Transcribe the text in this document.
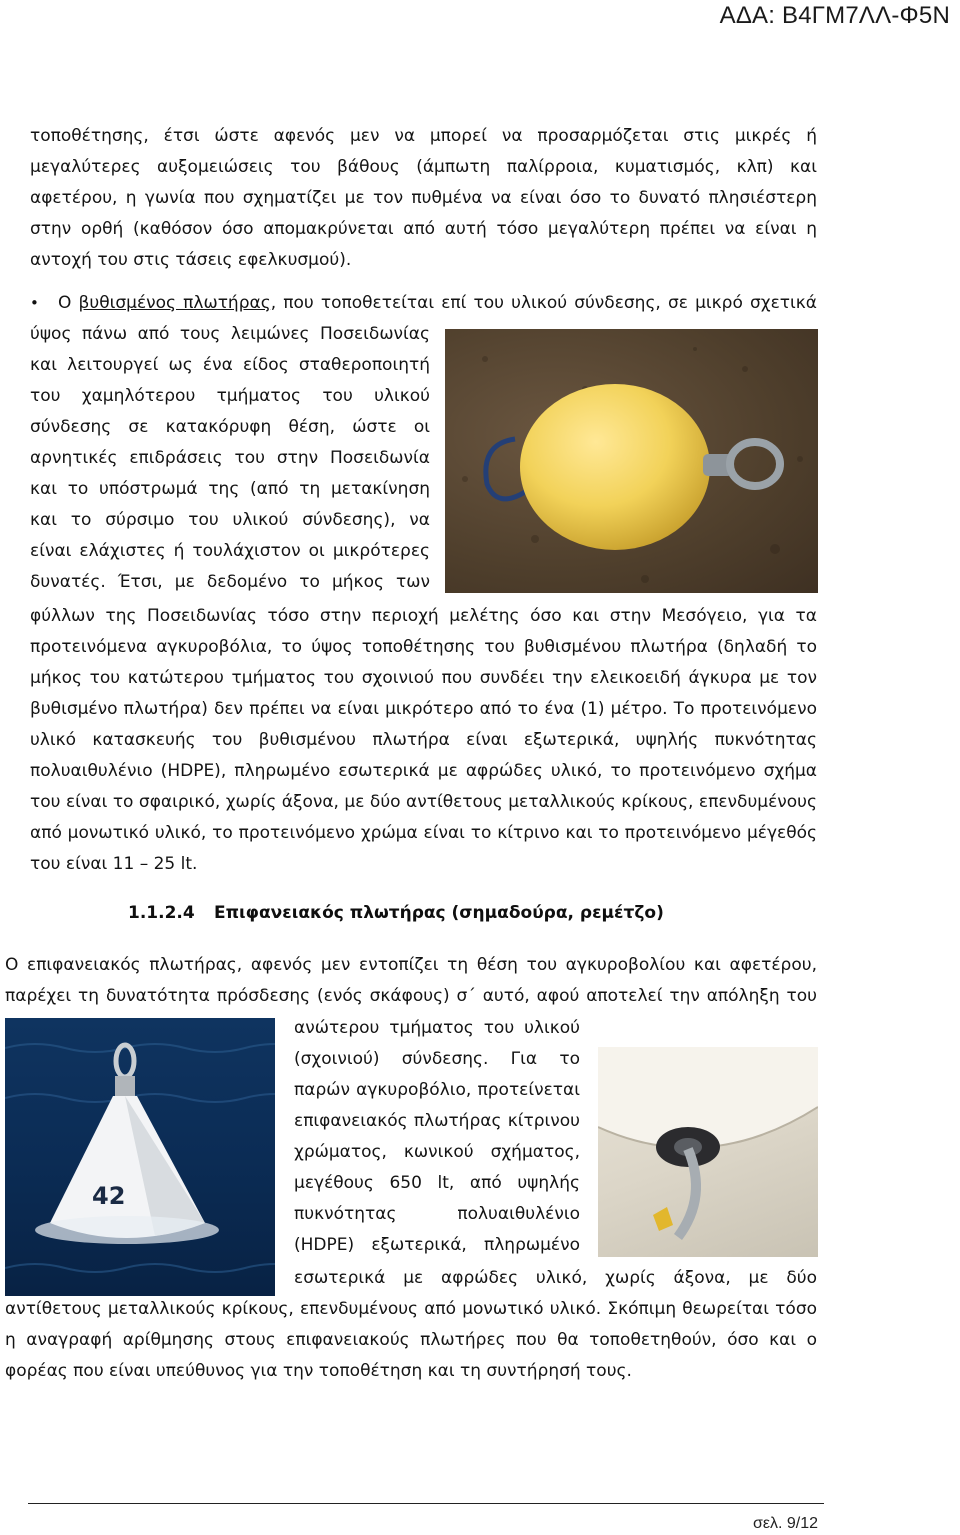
ΑΔΑ: Β4ΓΜ7ΛΛ-Φ5Ν
τοποθέτησης, έτσι ώστε αφενός μεν να μπορεί να προσαρμόζεται στις μικρές ή
μεγαλύτερες αυξομειώσεις του βάθους (άμπωτη παλίρροια, κυματισμός, κλπ) και
αφετέρου, η γωνία που σχηματίζει με τον πυθμένα να είναι όσο το δυνατό πλησιέστερη
στην ορθή (καθόσον όσο απομακρύνεται από αυτή τόσο μεγαλύτερη πρέπει να είναι η
αντοχή του στις τάσεις εφελκυσμού).
• Ο βυθισμένος πλωτήρας, που τοποθετείται επί του υλικού σύνδεσης, σε μικρό σχετικά
ύψος πάνω από τους λειμώνες Ποσειδωνίας
και λειτουργεί ως ένα είδος σταθεροποιητή
του χαμηλότερου τμήματος του υλικού
σύνδεσης σε κατακόρυφη θέση, ώστε οι
αρνητικές επιδράσεις του στην Ποσειδωνία
και το υπόστρωμά της (από τη μετακίνηση
και το σύρσιμο του υλικού σύνδεσης), να
είναι ελάχιστες ή τουλάχιστον οι μικρότερες
δυνατές. Έτσι, με δεδομένο το μήκος των
φύλλων της Ποσειδωνίας τόσο στην περιοχή μελέτης όσο και στην Μεσόγειο, για τα
προτεινόμενα αγκυροβόλια, το ύψος τοποθέτησης του βυθισμένου πλωτήρα (δηλαδή το
μήκος του κατώτερου τμήματος του σχοινιού που συνδέει την ελεικοειδή άγκυρα με τον
βυθισμένο πλωτήρα) δεν πρέπει να είναι μικρότερο από το ένα (1) μέτρο. Το προτεινόμενο
υλικό κατασκευής του βυθισμένου πλωτήρα είναι εξωτερικά, υψηλής πυκνότητας
πολυαιθυλένιο (HDPE), πληρωμένο εσωτερικά με αφρώδες υλικό, το προτεινόμενο σχήμα
του είναι το σφαιρικό, χωρίς άξονα, με δύο αντίθετους μεταλλικούς κρίκους, επενδυμένους
από μονωτικό υλικό, το προτεινόμενο χρώμα είναι το κίτρινο και το προτεινόμενο μέγεθός
του είναι 11 – 25 lt.
1.1.2.4 Επιφανειακός πλωτήρας (σημαδούρα, ρεμέτζο)
Ο επιφανειακός πλωτήρας, αφενός μεν εντοπίζει τη θέση του αγκυροβολίου και αφετέρου,
παρέχει τη δυνατότητα πρόσδεσης (ενός σκάφους) σ΄ αυτό, αφού αποτελεί την απόληξη του
42
ανώτερου τμήματος του υλικού
(σχοινιού) σύνδεσης. Για το
παρών αγκυροβόλιο, προτείνεται
επιφανειακός πλωτήρας κίτρινου
χρώματος, κωνικού σχήματος,
μεγέθους 650 lt, από υψηλής
πυκνότητας πολυαιθυλένιο
(HDPE) εξωτερικά, πληρωμένο
εσωτερικά με αφρώδες υλικό, χωρίς άξονα, με δύο
αντίθετους μεταλλικούς κρίκους, επενδυμένους από μονωτικό υλικό. Σκόπιμη θεωρείται τόσο
η αναγραφή αρίθμησης στους επιφανειακούς πλωτήρες που θα τοποθετηθούν, όσο και ο
φορέας που είναι υπεύθυνος για την τοποθέτηση και τη συντήρησή τους.
σελ. 9/12
